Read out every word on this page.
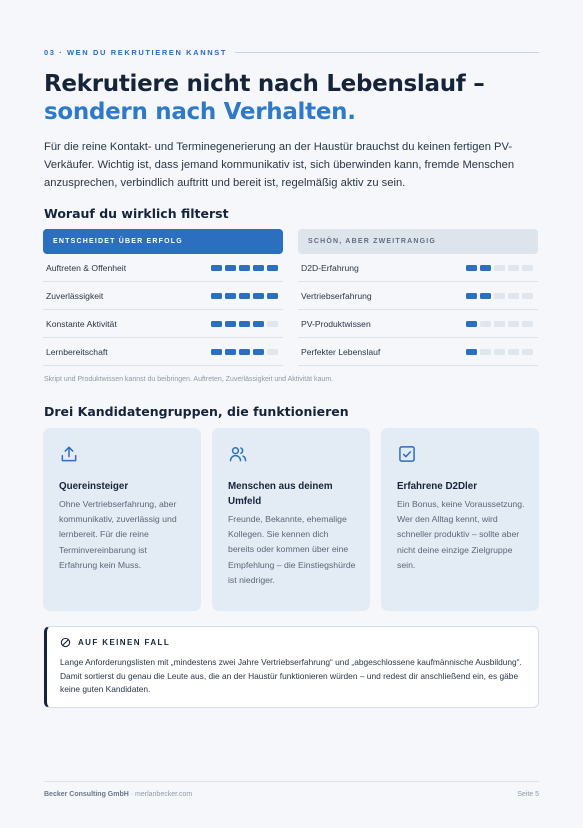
03 · WEN DU REKRUTIEREN KANNST
Rekrutiere nicht nach Lebenslauf –
sondern nach Verhalten.

Für die reine Kontakt- und Terminegenerierung an der Haustür brauchst du keinen fertigen PV-Verkäufer. Wichtig ist, dass jemand kommunikativ ist, sich überwinden kann, fremde Menschen anzusprechen, verbindlich auftritt und bereit ist, regelmäßig aktiv zu sein.

Worauf du wirklich filterst
ENTSCHEIDET ÜBER ERFOLG
Auftreten & Offenheit
Zuverlässigkeit
Konstante Aktivität
Lernbereitschaft
SCHÖN, ABER ZWEITRANGIG
D2D-Erfahrung
Vertriebserfahrung
PV-Produktwissen
Perfekter Lebenslauf
Skript und Produktwissen kannst du beibringen. Auftreten, Zuverlässigkeit und Aktivität kaum.
Drei Kandidatengruppen, die funktionieren
Quereinsteiger
Ohne Vertriebserfahrung, aber kommunikativ, zuverlässig und lernbereit. Für die reine Terminvereinbarung ist Erfahrung kein Muss.
Menschen aus deinem Umfeld
Freunde, Bekannte, ehemalige Kollegen. Sie kennen dich bereits oder kommen über eine Empfehlung – die Einstiegshürde ist niedriger.
Erfahrene D2Dler
Ein Bonus, keine Voraussetzung. Wer den Alltag kennt, wird schneller produktiv – sollte aber nicht deine einzige Zielgruppe sein.
AUF KEINEN FALL
Lange Anforderungslisten mit „mindestens zwei Jahre Vertriebserfahrung“ und „abgeschlossene kaufmännische Ausbildung“. Damit sortierst du genau die Leute aus, die an der Haustür funktionieren würden – und redest dir anschließend ein, es gäbe keine guten Kandidaten.
Becker Consulting GmbH · merlanbecker.com	Seite 5
